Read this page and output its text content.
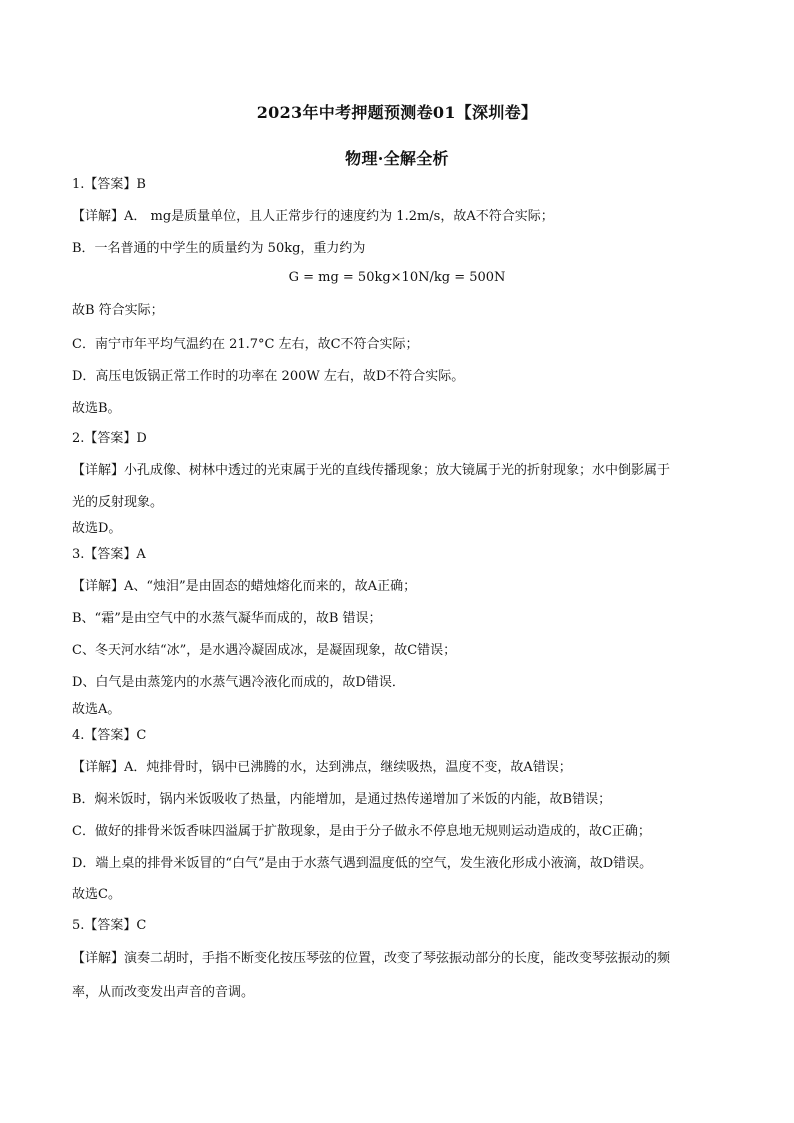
2023年中考押题预测卷01【深圳卷】
物理·全解全析
1.【答案】B
【详解】A． mg是质量单位，且人正常步行的速度约为 1.2m/s，故A不符合实际；
B．一名普通的中学生的质量约为 50kg，重力约为
G = mg = 50kg×10N/kg = 500N
故B 符合实际；
C．南宁市年平均气温约在 21.7°C 左右，故C不符合实际；
D．高压电饭锅正常工作时的功率在 200W 左右，故D不符合实际。
故选B。
2.【答案】D
【详解】小孔成像、树林中透过的光束属于光的直线传播现象；放大镜属于光的折射现象；水中倒影属于
光的反射现象。
故选D。
3.【答案】A
【详解】A、“烛泪”是由固态的蜡烛熔化而来的，故A正确；
B、“霜”是由空气中的水蒸气凝华而成的，故B 错误；
C、冬天河水结“冰”，是水遇冷凝固成冰，是凝固现象，故C错误；
D、白气是由蒸笼内的水蒸气遇冷液化而成的，故D错误．
故选A。
4.【答案】C
【详解】A．炖排骨时，锅中已沸腾的水，达到沸点，继续吸热，温度不变，故A错误；
B．焖米饭时，锅内米饭吸收了热量，内能增加，是通过热传递增加了米饭的内能，故B错误；
C．做好的排骨米饭香味四溢属于扩散现象，是由于分子做永不停息地无规则运动造成的，故C正确；
D．端上桌的排骨米饭冒的“白气”是由于水蒸气遇到温度低的空气，发生液化形成小液滴，故D错误。
故选C。
5.【答案】C
【详解】演奏二胡时，手指不断变化按压琴弦的位置，改变了琴弦振动部分的长度，能改变琴弦振动的频
率，从而改变发出声音的音调。
